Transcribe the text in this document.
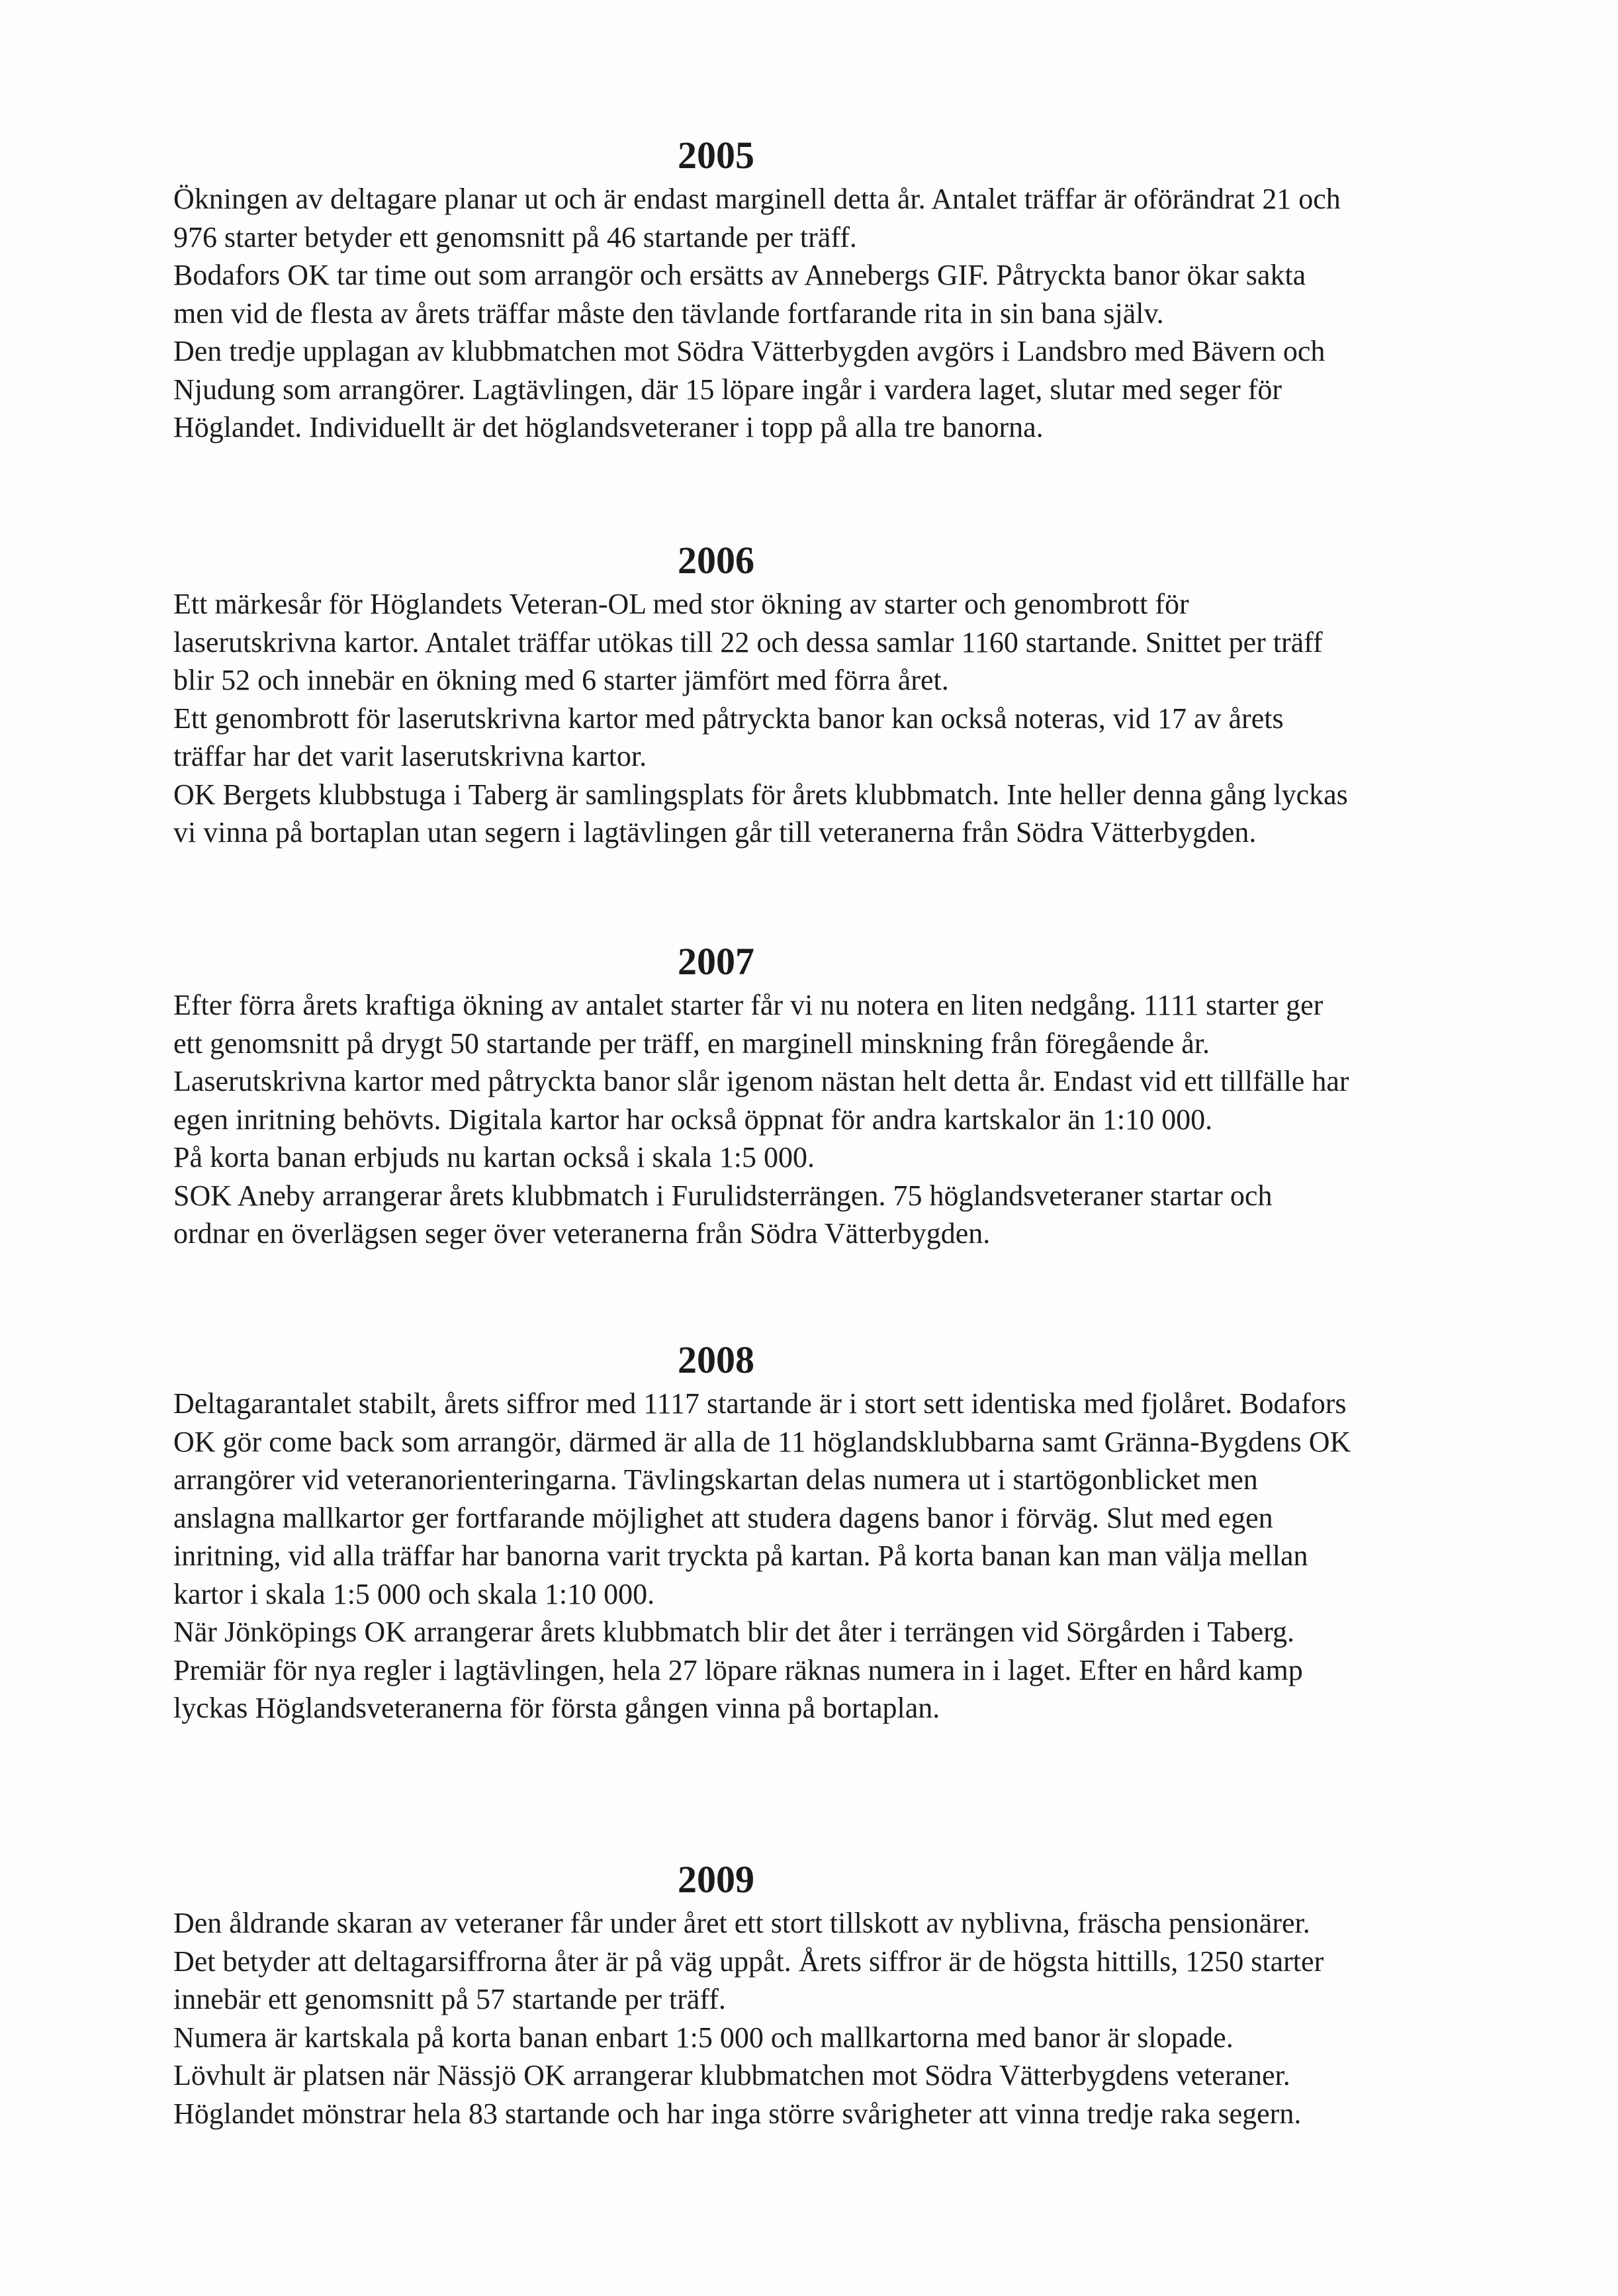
2005
Ökningen av deltagare planar ut och är endast marginell detta år. Antalet träffar är oförändrat 21 och
976 starter betyder ett genomsnitt på 46 startande per träff.
Bodafors OK tar time out som arrangör och ersätts av Annebergs GIF. Påtryckta banor ökar sakta
men vid de flesta av årets träffar måste den tävlande fortfarande rita in sin bana själv.
Den tredje upplagan av klubbmatchen mot Södra Vätterbygden avgörs i Landsbro med Bävern och
Njudung som arrangörer. Lagtävlingen, där 15 löpare ingår i vardera laget, slutar med seger för
Höglandet. Individuellt är det höglandsveteraner i topp på alla tre banorna.
2006
Ett märkesår för Höglandets Veteran-OL med stor ökning av starter och genombrott för
laserutskrivna kartor. Antalet träffar utökas till 22 och dessa samlar 1160 startande. Snittet per träff
blir 52 och innebär en ökning med 6 starter jämfört med förra året.
Ett genombrott för laserutskrivna kartor med påtryckta banor kan också noteras, vid 17 av årets
träffar har det varit laserutskrivna kartor.
OK Bergets klubbstuga i Taberg är samlingsplats för årets klubbmatch. Inte heller denna gång lyckas
vi vinna på bortaplan utan segern i lagtävlingen går till veteranerna från Södra Vätterbygden.
2007
Efter förra årets kraftiga ökning av antalet starter får vi nu notera en liten nedgång. 1111 starter ger
ett genomsnitt på drygt 50 startande per träff, en marginell minskning från föregående år.
Laserutskrivna kartor med påtryckta banor slår igenom nästan helt detta år. Endast vid ett tillfälle har
egen inritning behövts. Digitala kartor har också öppnat för andra kartskalor än 1:10 000.
På korta banan erbjuds nu kartan också i skala 1:5 000.
SOK Aneby arrangerar årets klubbmatch i Furulidsterrängen. 75 höglandsveteraner startar och
ordnar en överlägsen seger över veteranerna från Södra Vätterbygden.
2008
Deltagarantalet stabilt, årets siffror med 1117 startande är i stort sett identiska med fjolåret. Bodafors
OK gör come back som arrangör, därmed är alla de 11 höglandsklubbarna samt Gränna-Bygdens OK
arrangörer vid veteranorienteringarna. Tävlingskartan delas numera ut i startögonblicket men
anslagna mallkartor ger fortfarande möjlighet att studera dagens banor i förväg. Slut med egen
inritning, vid alla träffar har banorna varit tryckta på kartan. På korta banan kan man välja mellan
kartor i skala 1:5 000 och skala 1:10 000.
När Jönköpings OK arrangerar årets klubbmatch blir det åter i terrängen vid Sörgården i Taberg.
Premiär för nya regler i lagtävlingen, hela 27 löpare räknas numera in i laget. Efter en hård kamp
lyckas Höglandsveteranerna för första gången vinna på bortaplan.
2009
Den åldrande skaran av veteraner får under året ett stort tillskott av nyblivna, fräscha pensionärer.
Det betyder att deltagarsiffrorna åter är på väg uppåt. Årets siffror är de högsta hittills, 1250 starter
innebär ett genomsnitt på 57 startande per träff.
Numera är kartskala på korta banan enbart 1:5 000 och mallkartorna med banor är slopade.
Lövhult är platsen när Nässjö OK arrangerar klubbmatchen mot Södra Vätterbygdens veteraner.
Höglandet mönstrar hela 83 startande och har inga större svårigheter att vinna tredje raka segern.
